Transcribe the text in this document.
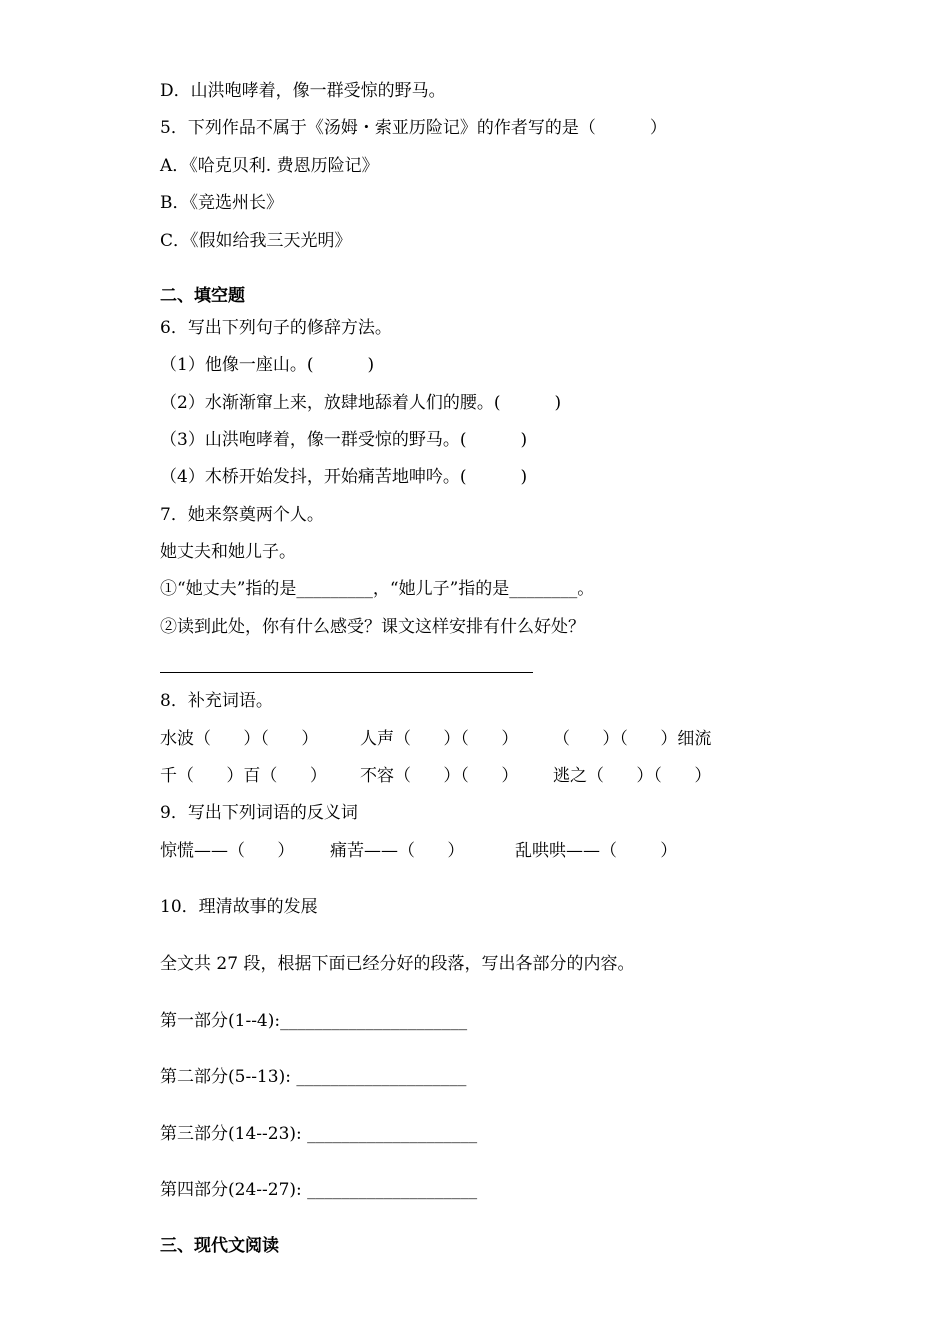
D．山洪咆哮着，像一群受惊的野马。
5．下列作品不属于《汤姆・索亚历险记》的作者写的是（          ）
A．《哈克贝利. 费恩历险记》
B．《竞选州长》
C．《假如给我三天光明》
二、填空题
6．写出下列句子的修辞方法。
（1）他像一座山。(          )
（2）水渐渐窜上来，放肆地舔着人们的腰。(          )
（3）山洪咆哮着，像一群受惊的野马。(          )
（4）木桥开始发抖，开始痛苦地呻吟。(          )
7．她来祭奠两个人。
她丈夫和她儿子。
①“她丈夫”指的是_________，“她儿子”指的是________。
②读到此处，你有什么感受？课文这样安排有什么好处？
8．补充词语。
水波（      ）（      ） 人声（      ）（      ） （      ）（      ）细流
千（      ）百（      ） 不容（      ）（      ） 逃之（      ）（      ）
9．写出下列词语的反义词
惊慌——（      ） 痛苦——（      ）	乱哄哄——（        ）
10．理清故事的发展
全文共 27 段，根据下面已经分好的段落，写出各部分的内容。
第一部分(1--4):______________________
第二部分(5--13): ____________________
第三部分(14--23): ____________________
第四部分(24--27): ____________________
三、现代文阅读
